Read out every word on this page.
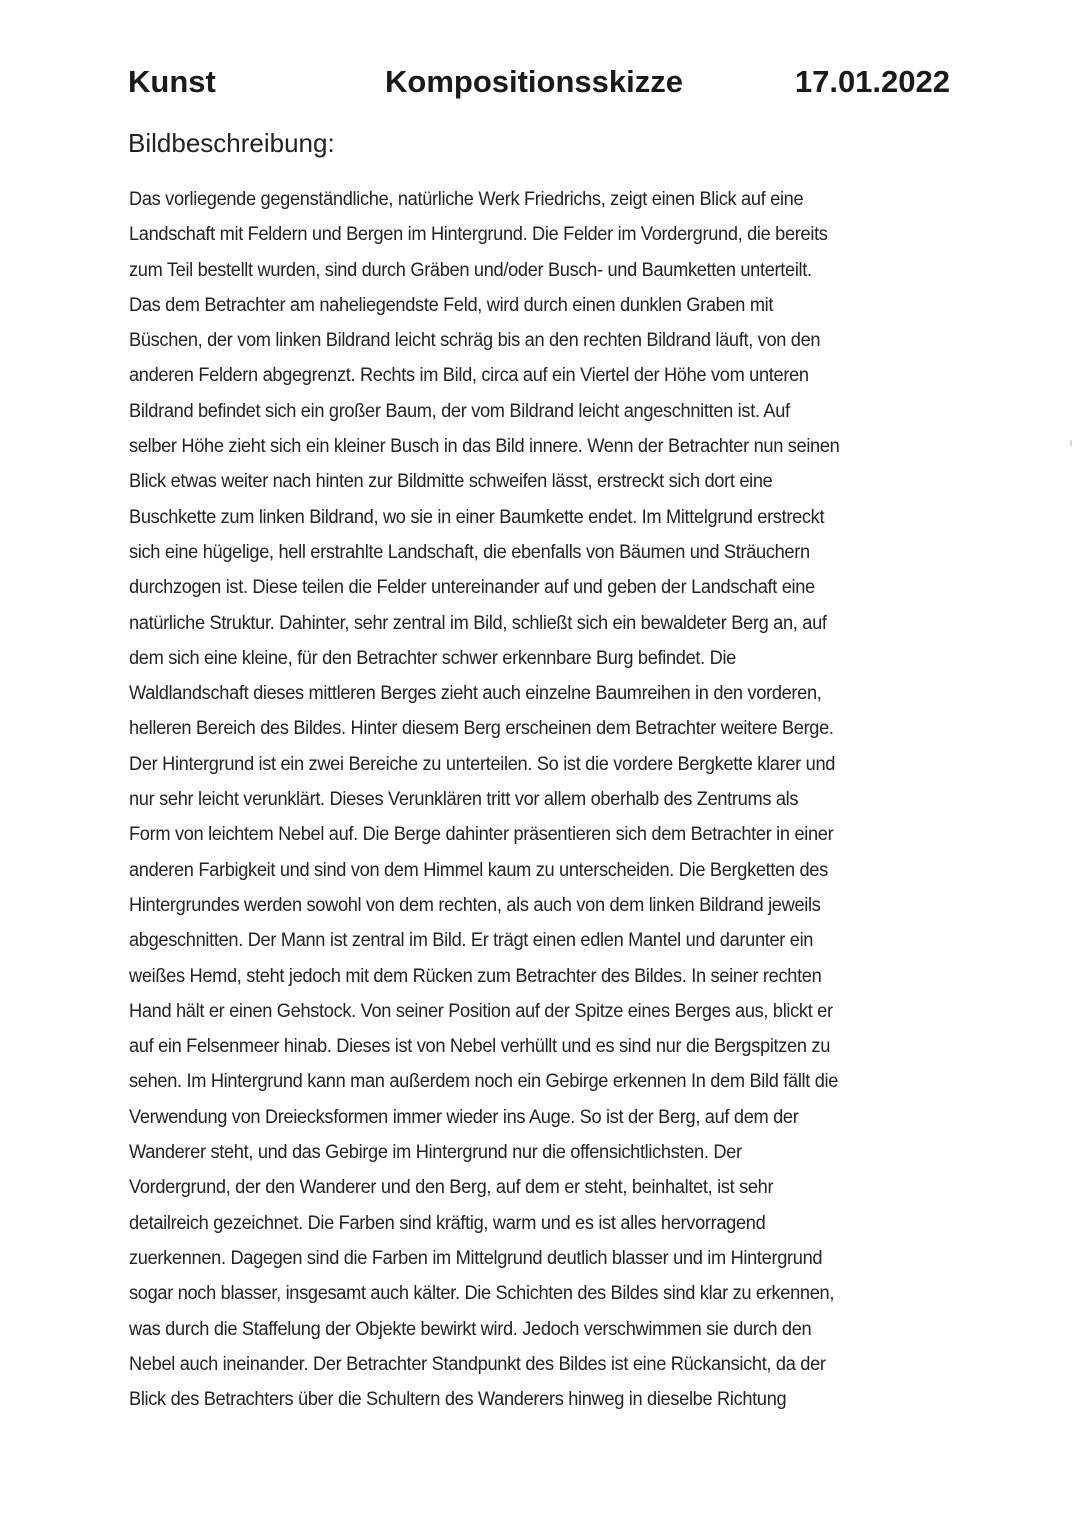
Kunst	Kompositionsskizze	17.01.2022
Bildbeschreibung:
Das vorliegende gegenständliche, natürliche Werk Friedrichs, zeigt einen Blick auf eine
Landschaft mit Feldern und Bergen im Hintergrund. Die Felder im Vordergrund, die bereits
zum Teil bestellt wurden, sind durch Gräben und/oder Busch- und Baumketten unterteilt.
Das dem Betrachter am naheliegendste Feld, wird durch einen dunklen Graben mit
Büschen, der vom linken Bildrand leicht schräg bis an den rechten Bildrand läuft, von den
anderen Feldern abgegrenzt. Rechts im Bild, circa auf ein Viertel der Höhe vom unteren
Bildrand befindet sich ein großer Baum, der vom Bildrand leicht angeschnitten ist. Auf
selber Höhe zieht sich ein kleiner Busch in das Bild innere. Wenn der Betrachter nun seinen
Blick etwas weiter nach hinten zur Bildmitte schweifen lässt, erstreckt sich dort eine
Buschkette zum linken Bildrand, wo sie in einer Baumkette endet. Im Mittelgrund erstreckt
sich eine hügelige, hell erstrahlte Landschaft, die ebenfalls von Bäumen und Sträuchern
durchzogen ist. Diese teilen die Felder untereinander auf und geben der Landschaft eine
natürliche Struktur. Dahinter, sehr zentral im Bild, schließt sich ein bewaldeter Berg an, auf
dem sich eine kleine, für den Betrachter schwer erkennbare Burg befindet. Die
Waldlandschaft dieses mittleren Berges zieht auch einzelne Baumreihen in den vorderen,
helleren Bereich des Bildes. Hinter diesem Berg erscheinen dem Betrachter weitere Berge.
Der Hintergrund ist ein zwei Bereiche zu unterteilen. So ist die vordere Bergkette klarer und
nur sehr leicht verunklärt. Dieses Verunklären tritt vor allem oberhalb des Zentrums als
Form von leichtem Nebel auf. Die Berge dahinter präsentieren sich dem Betrachter in einer
anderen Farbigkeit und sind von dem Himmel kaum zu unterscheiden. Die Bergketten des
Hintergrundes werden sowohl von dem rechten, als auch von dem linken Bildrand jeweils
abgeschnitten. Der Mann ist zentral im Bild. Er trägt einen edlen Mantel und darunter ein
weißes Hemd, steht jedoch mit dem Rücken zum Betrachter des Bildes. In seiner rechten
Hand hält er einen Gehstock. Von seiner Position auf der Spitze eines Berges aus, blickt er
auf ein Felsenmeer hinab. Dieses ist von Nebel verhüllt und es sind nur die Bergspitzen zu
sehen. Im Hintergrund kann man außerdem noch ein Gebirge erkennen In dem Bild fällt die
Verwendung von Dreiecksformen immer wieder ins Auge. So ist der Berg, auf dem der
Wanderer steht, und das Gebirge im Hintergrund nur die offensichtlichsten. Der
Vordergrund, der den Wanderer und den Berg, auf dem er steht, beinhaltet, ist sehr
detailreich gezeichnet. Die Farben sind kräftig, warm und es ist alles hervorragend
zuerkennen. Dagegen sind die Farben im Mittelgrund deutlich blasser und im Hintergrund
sogar noch blasser, insgesamt auch kälter. Die Schichten des Bildes sind klar zu erkennen,
was durch die Staffelung der Objekte bewirkt wird. Jedoch verschwimmen sie durch den
Nebel auch ineinander. Der Betrachter Standpunkt des Bildes ist eine Rückansicht, da der
Blick des Betrachters über die Schultern des Wanderers hinweg in dieselbe Richtung
